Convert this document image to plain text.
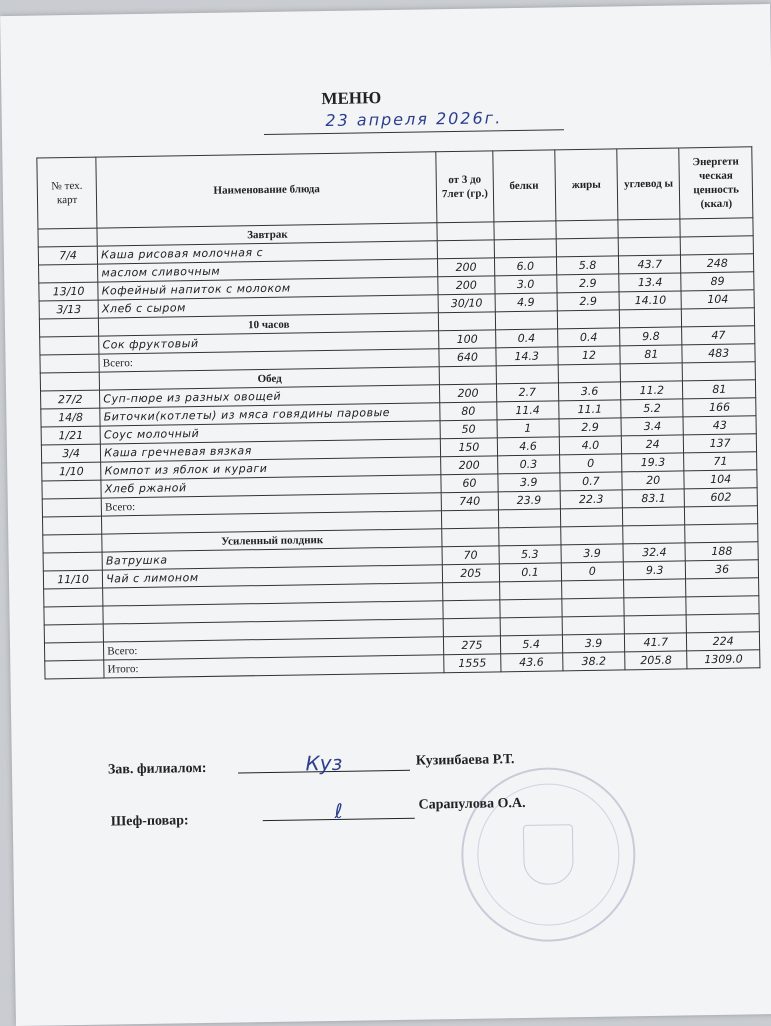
МЕНЮ
23 апреля 2026г.
№ тех. карт	Наименование блюда	от 3 до 7лет (гр.)	белки	жиры	углевод ы	Энергети ческая ценность (ккал)
	Завтрак					
7/4	Каша рисовая молочная с					
	маслом сливочным	200	6.0	5.8	43.7	248
13/10	Кофейный напиток с молоком	200	3.0	2.9	13.4	89
3/13	Хлеб с сыром	30/10	4.9	2.9	14.10	104
	10 часов					
	Сок фруктовый	100	0.4	0.4	9.8	47
	Всего:	640	14.3	12	81	483
	Обед					
27/2	Суп-пюре из разных овощей	200	2.7	3.6	11.2	81
14/8	Биточки(котлеты) из мяса говядины паровые	80	11.4	11.1	5.2	166
1/21	Соус молочный	50	1	2.9	3.4	43
3/4	Каша гречневая вязкая	150	4.6	4.0	24	137
1/10	Компот из яблок и кураги	200	0.3	0	19.3	71
	Хлеб ржаной	60	3.9	0.7	20	104
	Всего:	740	23.9	22.3	83.1	602

	Усиленный полдник					
	Ватрушка	70	5.3	3.9	32.4	188
11/10	Чай с лимоном	205	0.1	0	9.3	36

	Всего:	275	5.4	3.9	41.7	224
	Итого:	1555	43.6	38.2	205.8	1309.0
Зав. филиалом:	Куз	Кузинбаева Р.Т.
Шеф-повар:	ℓ	Сарапулова О.А.
